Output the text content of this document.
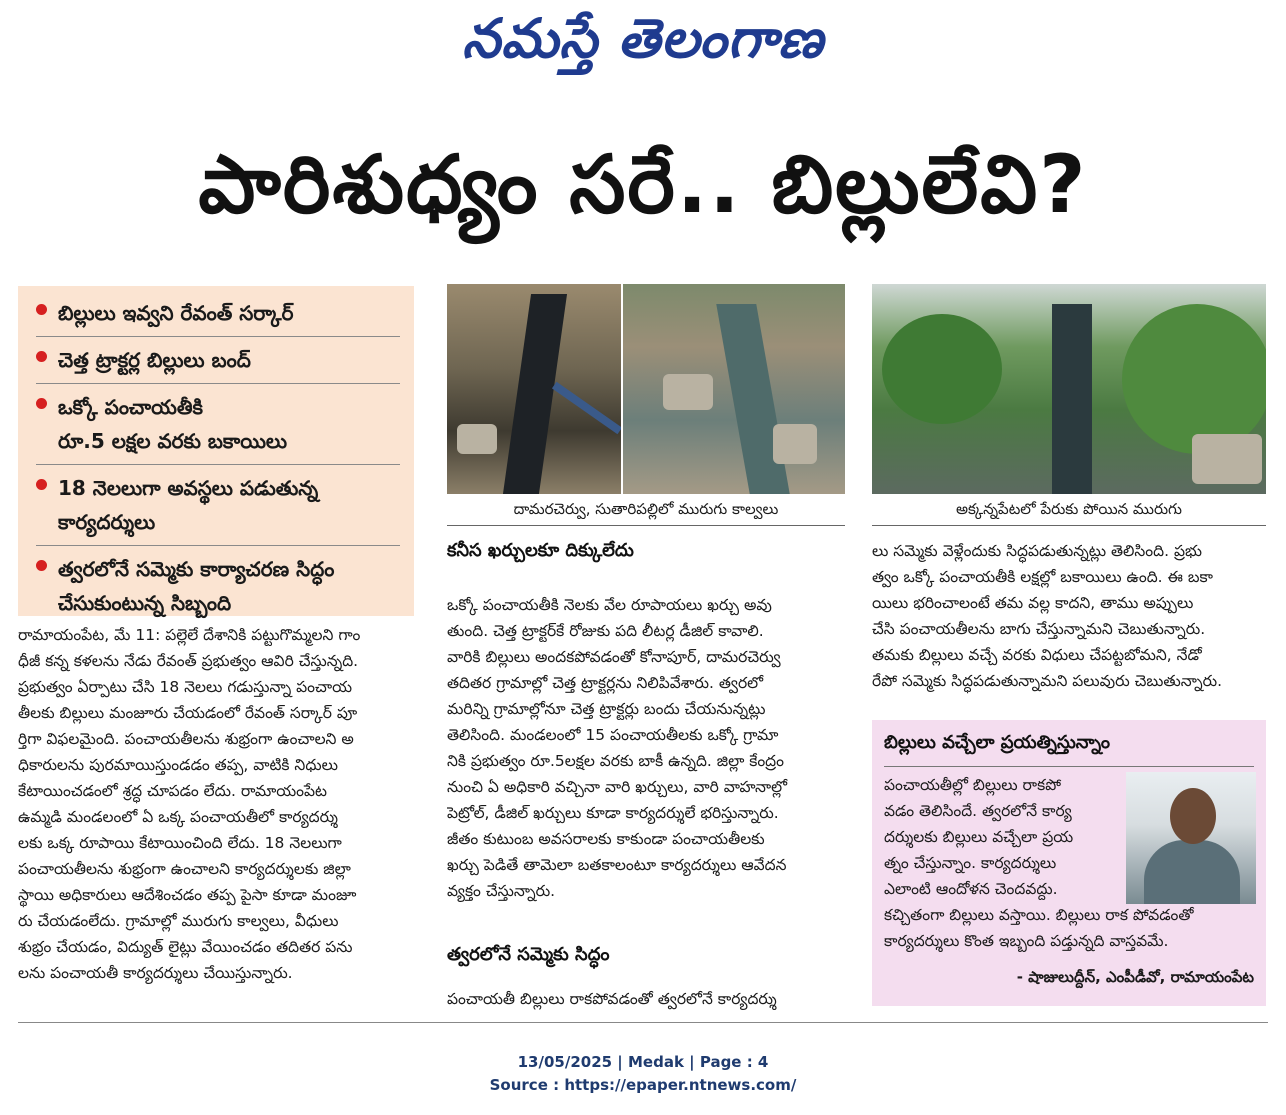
నమస్తే తెలంగాణ
పారిశుధ్యం సరే.. బిల్లులేవి?
బిల్లులు ఇవ్వని రేవంత్ సర్కార్
చెత్త ట్రాక్టర్ల బిల్లులు బంద్
ఒక్కో పంచాయతీకి
రూ.5 లక్షల వరకు బకాయిలు
18 నెలలుగా అవస్థలు పడుతున్న
కార్యదర్శులు
త్వరలోనే సమ్మెకు కార్యాచరణ సిద్ధం
చేసుకుంటున్న సిబ్బంది
దామరచెర్వు, సుతారిపల్లిలో మురుగు కాల్వలు	అక్కన్నపేటలో పేరుకు పోయిన మురుగు

రామాయంపేట, మే 11: పల్లెలే దేశానికి పట్టుగొమ్మలని గాం

ధీజీ కన్న కళలను నేడు రేవంత్ ప్రభుత్వం ఆవిరి చేస్తున్నది.

ప్రభుత్వం ఏర్పాటు చేసి 18 నెలలు గడుస్తున్నా పంచాయ

తీలకు బిల్లులు మంజూరు చేయడంలో రేవంత్ సర్కార్ పూ

ర్తిగా విఫలమైంది. పంచాయతీలను శుభ్రంగా ఉంచాలని అ

ధికారులను పురమాయిస్తుండడం తప్ప, వాటికి నిధులు

కేటాయించడంలో శ్రద్ధ చూపడం లేదు. రామాయంపేట

ఉమ్మడి మండలంలో ఏ ఒక్క పంచాయతీలో కార్యదర్శు

లకు ఒక్క రూపాయి కేటాయించింది లేదు. 18 నెలలుగా

పంచాయతీలను శుభ్రంగా ఉంచాలని కార్యదర్శులకు జిల్లా

స్థాయి అధికారులు ఆదేశించడం తప్ప పైసా కూడా మంజూ

రు చేయడంలేదు. గ్రామాల్లో మురుగు కాల్వలు, వీధులు

శుభ్రం చేయడం, విద్యుత్ లైట్లు వేయించడం తదితర పను

లను పంచాయతీ కార్యదర్శులు చేయిస్తున్నారు.

కనీస ఖర్చులకూ దిక్కులేదు

ఒక్కో పంచాయతీకి నెలకు వేల రూపాయలు ఖర్చు అవు

తుంది. చెత్త ట్రాక్టర్‌కే రోజుకు పది లీటర్ల డీజిల్ కావాలి.

వారికి బిల్లులు అందకపోవడంతో కోనాపూర్, దామరచెర్వు

తదితర గ్రామాల్లో చెత్త ట్రాక్టర్లను నిలిపివేశారు. త్వరలో

మరిన్ని గ్రామాల్లోనూ చెత్త ట్రాక్టర్లు బందు చేయనున్నట్లు

తెలిసింది. మండలంలో 15 పంచాయతీలకు ఒక్కో గ్రామా

నికి ప్రభుత్వం రూ.5లక్షల వరకు బాకీ ఉన్నది. జిల్లా కేంద్రం

నుంచి ఏ అధికారి వచ్చినా వారి ఖర్చులు, వారి వాహనాల్లో

పెట్రోల్, డీజిల్ ఖర్చులు కూడా కార్యదర్శులే భరిస్తున్నారు.

జీతం కుటుంబ అవసరాలకు కాకుండా పంచాయతీలకు

ఖర్చు పెడితే తామెలా బతకాలంటూ కార్యదర్శులు ఆవేదన

వ్యక్తం చేస్తున్నారు.

త్వరలోనే సమ్మెకు సిద్ధం

పంచాయతీ బిల్లులు రాకపోవడంతో త్వరలోనే కార్యదర్శు

లు సమ్మెకు వెళ్లేందుకు సిద్ధపడుతున్నట్లు తెలిసింది. ప్రభు

త్వం ఒక్కో పంచాయతీకి లక్షల్లో బకాయిలు ఉంది. ఈ బకా

యిలు భరించాలంటే తమ వల్ల కాదని, తాము అప్పులు

చేసి పంచాయతీలను బాగు చేస్తున్నామని చెబుతున్నారు.

తమకు బిల్లులు వచ్చే వరకు విధులు చేపట్టబోమని, నేడో

రేపో సమ్మెకు సిద్ధపడుతున్నామని పలువురు చెబుతున్నారు.

బిల్లులు వచ్చేలా ప్రయత్నిస్తున్నాం

పంచాయతీల్లో బిల్లులు రాకపో

వడం తెలిసిందే. త్వరలోనే కార్య

దర్శులకు బిల్లులు వచ్చేలా ప్రయ

త్నం చేస్తున్నాం. కార్యదర్శులు

ఎలాంటి ఆందోళన చెందవద్దు.

కచ్చితంగా బిల్లులు వస్తాయి. బిల్లులు రాక పోవడంతో

కార్యదర్శులు కొంత ఇబ్బంది పడ్తున్నది వాస్తవమే.

- షాజులుద్దీన్, ఎంపీడీవో, రామాయంపేట
13/05/2025 | Medak | Page : 4
Source : https://epaper.ntnews.com/
